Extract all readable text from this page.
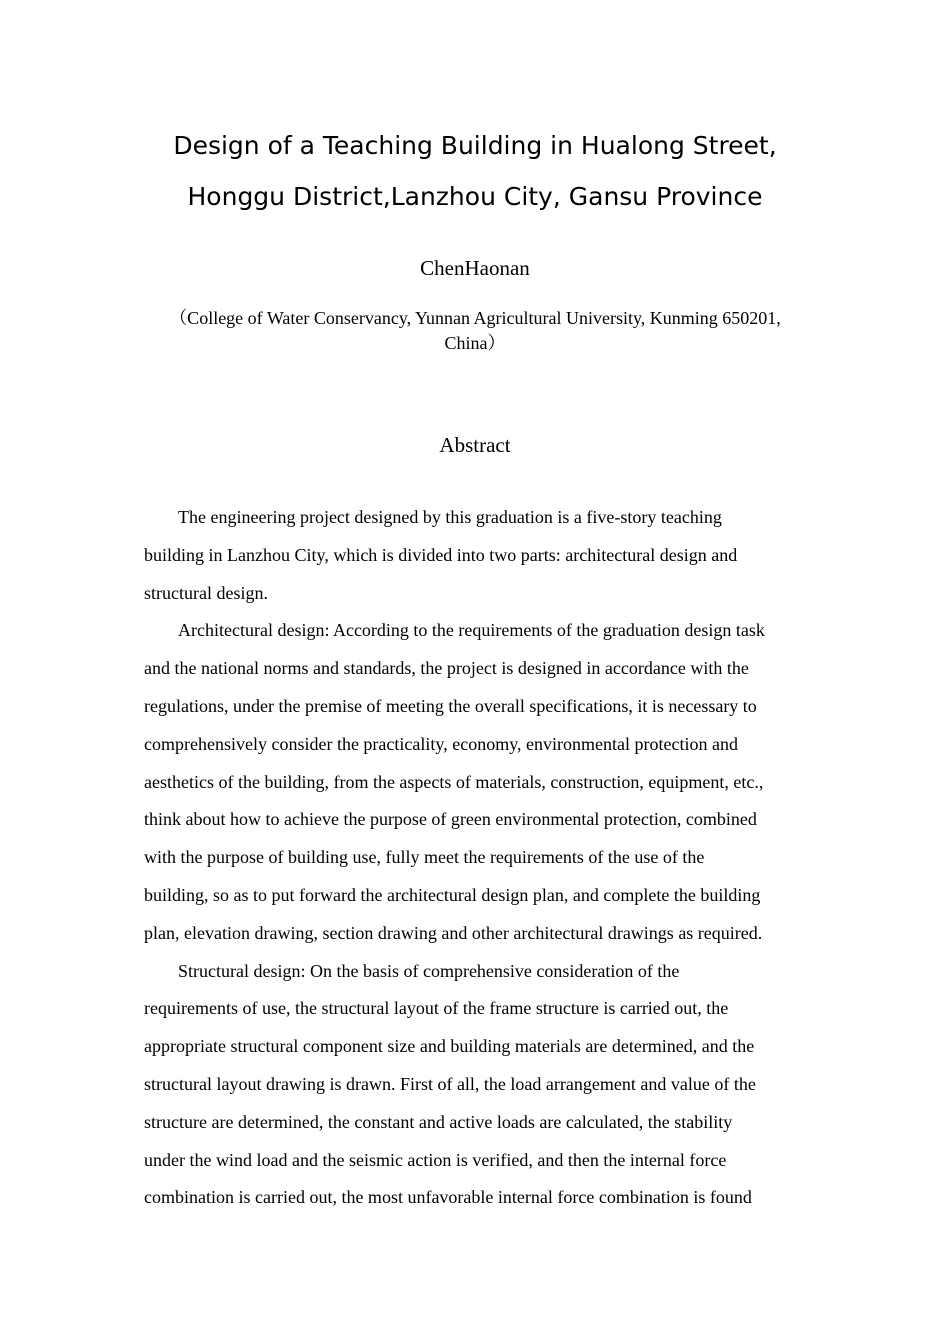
Design of a Teaching Building in Hualong Street,
Honggu District,Lanzhou City, Gansu Province
ChenHaonan
（College of Water Conservancy, Yunnan Agricultural University, Kunming 650201,
China）
Abstract

The engineering project designed by this graduation is a five-story teaching
building in Lanzhou City, which is divided into two parts: architectural design and
structural design.

Architectural design: According to the requirements of the graduation design task
and the national norms and standards, the project is designed in accordance with the
regulations, under the premise of meeting the overall specifications, it is necessary to
comprehensively consider the practicality, economy, environmental protection and
aesthetics of the building, from the aspects of materials, construction, equipment, etc.,
think about how to achieve the purpose of green environmental protection, combined
with the purpose of building use, fully meet the requirements of the use of the
building, so as to put forward the architectural design plan, and complete the building
plan, elevation drawing, section drawing and other architectural drawings as required.

Structural design: On the basis of comprehensive consideration of the
requirements of use, the structural layout of the frame structure is carried out, the
appropriate structural component size and building materials are determined, and the
structural layout drawing is drawn. First of all, the load arrangement and value of the
structure are determined, the constant and active loads are calculated, the stability
under the wind load and the seismic action is verified, and then the internal force
combination is carried out, the most unfavorable internal force combination is found
